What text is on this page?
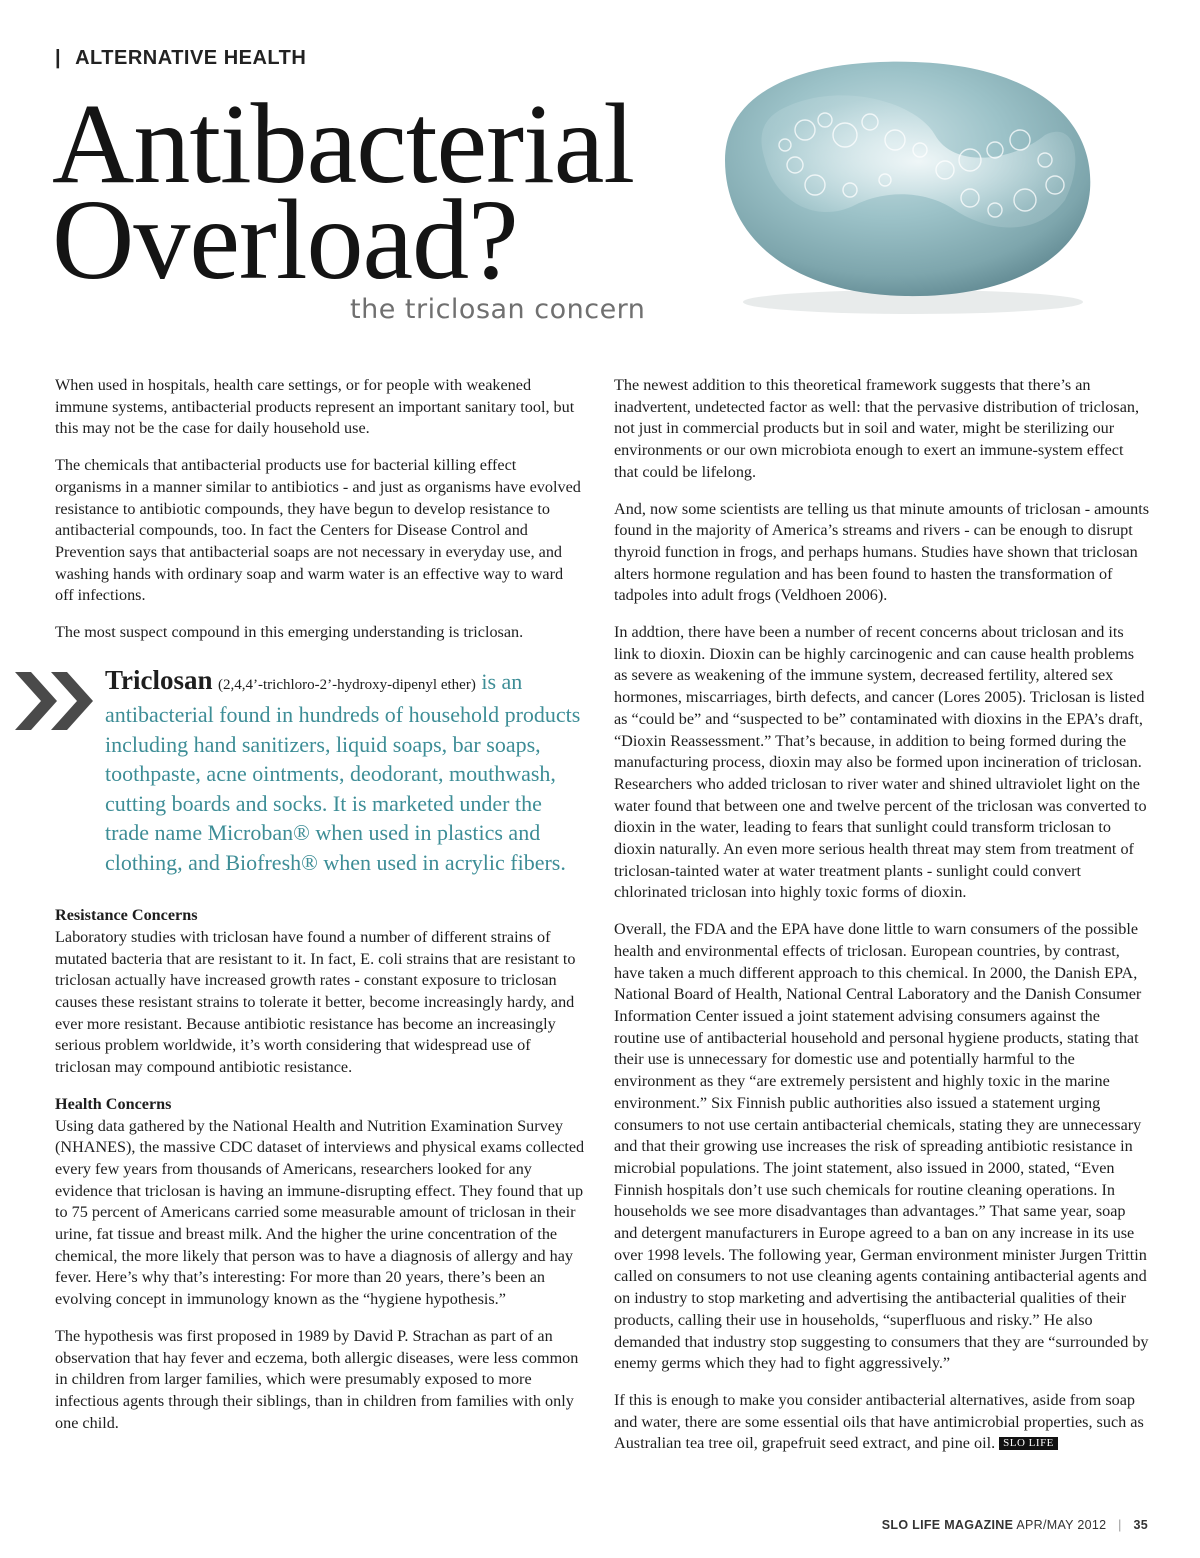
| ALTERNATIVE HEALTH
Antibacterial
Overload?
the triclosan concern

When used in hospitals, health care settings, or for people with weakened immune systems, antibacterial products represent an important sanitary tool, but this may not be the case for daily household use.

The chemicals that antibacterial products use for bacterial killing effect organisms in a manner similar to antibiotics - and just as organisms have evolved resistance to antibiotic compounds, they have begun to develop resistance to antibacterial compounds, too. In fact the Centers for Disease Control and Prevention says that antibacterial soaps are not necessary in everyday use, and washing hands with ordinary soap and warm water is an effective way to ward off infections.

The most suspect compound in this emerging understanding is triclosan.

Triclosan (2,4,4’-trichloro-2’-hydroxy-dipenyl ether) is an antibacterial found in hundreds of household products including hand sanitizers, liquid soaps, bar soaps, toothpaste, acne ointments, deodorant, mouthwash, cutting boards and socks. It is marketed under the trade name Microban® when used in plastics and clothing, and Biofresh® when used in acrylic fibers.
Resistance Concerns

Laboratory studies with triclosan have found a number of different strains of mutated bacteria that are resistant to it. In fact, E. coli strains that are resistant to triclosan actually have increased growth rates - constant exposure to triclosan causes these resistant strains to tolerate it better, become increasingly hardy, and ever more resistant. Because antibiotic resistance has become an increasingly serious problem worldwide, it’s worth considering that widespread use of triclosan may compound antibiotic resistance.

Health Concerns

Using data gathered by the National Health and Nutrition Examination Survey (NHANES), the massive CDC dataset of interviews and physical exams collected every few years from thousands of Americans, researchers looked for any evidence that triclosan is having an immune-disrupting effect. They found that up to 75 percent of Americans carried some measurable amount of triclosan in their urine, fat tissue and breast milk. And the higher the urine concentration of the chemical, the more likely that person was to have a diagnosis of allergy and hay fever. Here’s why that’s interesting: For more than 20 years, there’s been an evolving concept in immunology known as the “hygiene hypothesis.”

The hypothesis was first proposed in 1989 by David P. Strachan as part of an observation that hay fever and eczema, both allergic diseases, were less common in children from larger families, which were presumably exposed to more infectious agents through their siblings, than in children from families with only one child.

The newest addition to this theoretical framework suggests that there’s an inadvertent, undetected factor as well: that the pervasive distribution of triclosan, not just in commercial products but in soil and water, might be sterilizing our environments or our own microbiota enough to exert an immune-system effect that could be lifelong.

And, now some scientists are telling us that minute amounts of triclosan - amounts found in the majority of America’s streams and rivers - can be enough to disrupt thyroid function in frogs, and perhaps humans. Studies have shown that triclosan alters hormone regulation and has been found to hasten the transformation of tadpoles into adult frogs (Veldhoen 2006).

In addtion, there have been a number of recent concerns about triclosan and its link to dioxin. Dioxin can be highly carcinogenic and can cause health problems as severe as weakening of the immune system, decreased fertility, altered sex hormones, miscarriages, birth defects, and cancer (Lores 2005). Triclosan is listed as “could be” and “suspected to be” contaminated with dioxins in the EPA’s draft, “Dioxin Reassessment.” That’s because, in addition to being formed during the manufacturing process, dioxin may also be formed upon incineration of triclosan. Researchers who added triclosan to river water and shined ultraviolet light on the water found that between one and twelve percent of the triclosan was converted to dioxin in the water, leading to fears that sunlight could transform triclosan to dioxin naturally. An even more serious health threat may stem from treatment of triclosan-tainted water at water treatment plants - sunlight could convert chlorinated triclosan into highly toxic forms of dioxin.

Overall, the FDA and the EPA have done little to warn consumers of the possible health and environmental effects of triclosan. European countries, by contrast, have taken a much different approach to this chemical. In 2000, the Danish EPA, National Board of Health, National Central Laboratory and the Danish Consumer Information Center issued a joint statement advising consumers against the routine use of antibacterial household and personal hygiene products, stating that their use is unnecessary for domestic use and potentially harmful to the environment as they “are extremely persistent and highly toxic in the marine environment.” Six Finnish public authorities also issued a statement urging consumers to not use certain antibacterial chemicals, stating they are unnecessary and that their growing use increases the risk of spreading antibiotic resistance in microbial populations. The joint statement, also issued in 2000, stated, “Even Finnish hospitals don’t use such chemicals for routine cleaning operations. In households we see more disadvantages than advantages.” That same year, soap and detergent manufacturers in Europe agreed to a ban on any increase in its use over 1998 levels. The following year, German environment minister Jurgen Trittin called on consumers to not use cleaning agents containing antibacterial agents and on industry to stop marketing and advertising the antibacterial qualities of their products, calling their use in households, “superfluous and risky.” He also demanded that industry stop suggesting to consumers that they are “surrounded by enemy germs which they had to fight aggressively.”

If this is enough to make you consider antibacterial alternatives, aside from soap and water, there are some essential oils that have antimicrobial properties, such as Australian tea tree oil, grapefruit seed extract, and pine oil. SLO LIFE

SLO LIFE MAGAZINE APR/MAY 2012 | 35
